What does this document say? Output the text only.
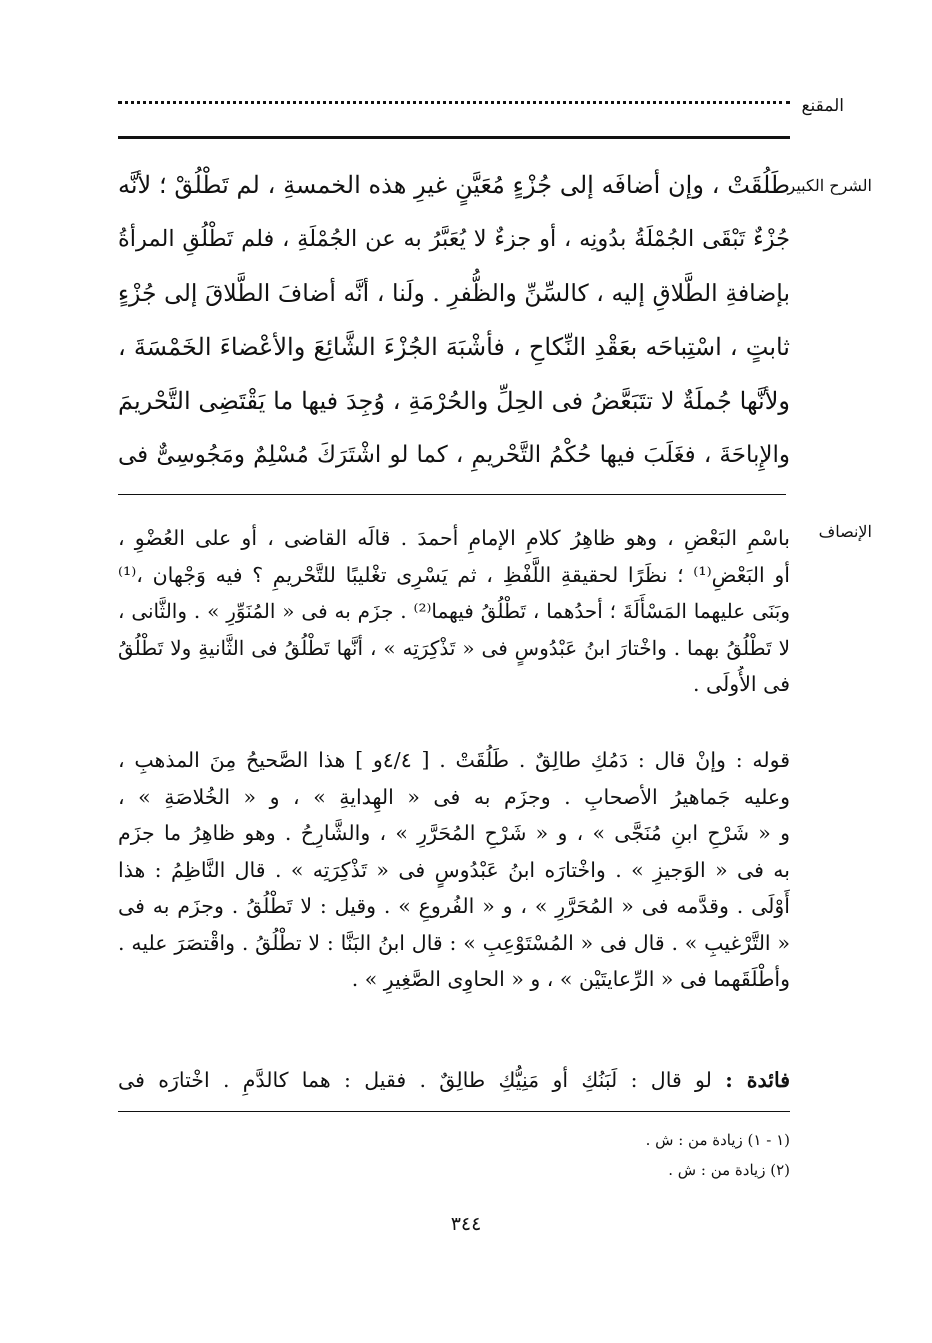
المقنع
الشرح الكبير
طَلُقَتْ ، وإن أضافَه إلى جُزْءٍ مُعَيَّنٍ غيرِ هذه الخمسةِ ، لم تَطْلُقْ ؛ لأنَّه
جُزْءٌ تَبْقَى الجُمْلَةُ بدُونِه ، أو جزءٌ لا يُعَبَّرُ به عن الجُمْلَةِ ، فلم تَطْلُقِ المرأةُ
بإضافةِ الطَّلاقِ إليه ، كالسِّنِّ والظُّفرِ . ولَنا ، أنَّه أضافَ الطَّلاقَ إلى جُزْءٍ
ثابتٍ ، اسْتِباحَه بعَقْدِ النِّكاحِ ، فأشْبَهَ الجُزْءَ الشَّائِعَ والأعْضاءَ الخَمْسَةَ ،
ولأنَّها جُملَةٌ لا تتَبَعَّضُ فى الحِلِّ والحُرْمَةِ ، وُجِدَ فيها ما يَقْتَضِى التَّحْريمَ
والإِباحَةَ ، فغَلَبَ فيها حُكْمُ التَّحْريمِ ، كما لو اشْتَرَكَ مُسْلِمٌ ومَجُوسِىٌّ فى
الإنصاف
باسْمِ البَعْضِ ، وهو ظاهِرُ كلامِ الإمامِ أحمدَ . قالَه القاضى ، أو على العُضْوِ ،
أو البَعْضِ⁽¹⁾ ؛ نظَرًا لحقيقةِ اللَّفْظِ ، ثم يَسْرِى تغْليبًا للتَّحْريمِ ؟ فيه وَجْهان ،⁽¹⁾
وبَنَى عليهما المَسْأَلَةَ ؛ أحدُهما ، تَطْلُقُ فيهما⁽²⁾ . جزَم به فى « المُنَوِّرِ » . والثَّانى ،
لا تَطْلُقُ بهما . واخْتارَ ابنُ عَبْدُوسٍ فى « تَذْكِرَتِه » ، أنَّها تَطْلُقُ فى الثَّانيةِ ولا تَطْلُقُ
فى الأُولَى .
قوله : وإنْ قال : دَمُكِ طالِقٌ . طَلُقَتْ . [ ٤/٤و ] هذا الصَّحيحُ مِنَ المذهبِ ،
وعليه جَماهيرُ الأصحابِ . وجزَم به فى « الهِدايةِ » ، و « الخُلاصَةِ » ،
و « شَرْحِ ابنِ مُنَجَّى » ، و « شَرْحِ المُحَرَّرِ » ، والشَّارِحُ . وهو ظاهِرُ ما جزَم
به فى « الوَجيزِ » . واخْتارَه ابنُ عَبْدُوسٍ فى « تَذْكِرَتِه » . قال النَّاظِمُ : هذا
أَوْلَى . وقدَّمه فى « المُحَرَّرِ » ، و « الفُروعِ » . وقيل : لا تَطْلُقُ . وجزَم به فى
« التَّرْغيبِ » . قال فى « المُسْتَوْعِبِ » : قال ابنُ البَنَّا : لا تطْلُقُ . واقْتصَرَ عليه .
وأطْلَقَهما فى « الرِّعايتَيْن » ، و « الحاوِى الصَّغِيرِ » .
فائدة : لو قال : لَبَنُكِ أو مَنِيُّكِ طالِقٌ . فقيل : هما كالدَّمِ . اخْتارَه فى
(١ - ١) زيادة من : ش .
(٢) زيادة من : ش .
٣٤٤
